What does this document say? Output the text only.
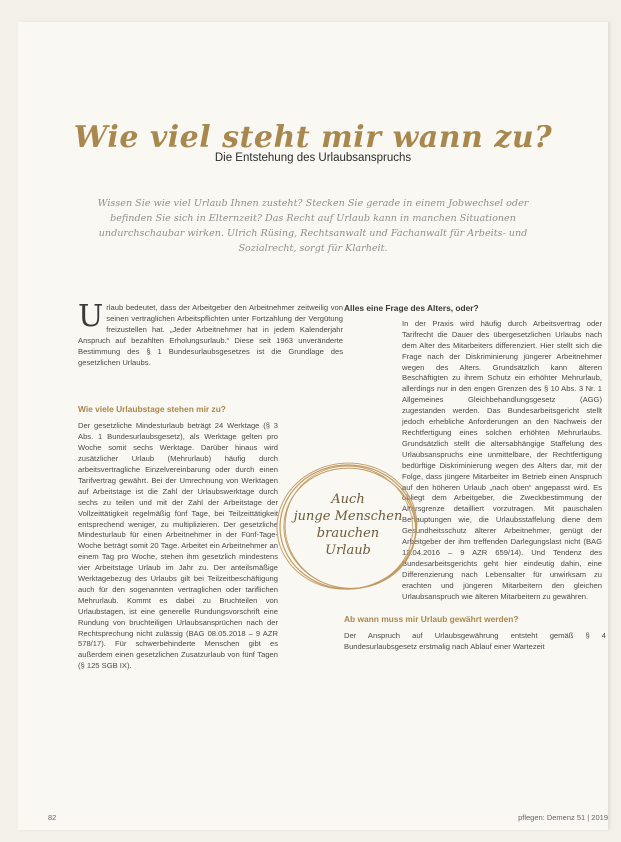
Wie viel steht mir wann zu?
Die Entstehung des Urlaubsanspruchs
Wissen Sie wie viel Urlaub Ihnen zusteht? Stecken Sie gerade in einem Jobwechsel oder befinden Sie sich in Elternzeit? Das Recht auf Urlaub kann in manchen Situationen undurchschaubar wirken. Ulrich Rüsing, Rechtsanwalt und Fachanwalt für Arbeits- und Sozialrecht, sorgt für Klarheit.

Urlaub bedeutet, dass der Arbeitgeber den Arbeitnehmer zeitweilig von seinen vertraglichen Arbeitspflichten unter Fortzahlung der Vergütung freizustellen hat. „Jeder Arbeitnehmer hat in jedem Kalenderjahr Anspruch auf bezahlten Erholungsurlaub.“ Diese seit 1963 unveränderte Bestimmung des § 1 Bundesurlaubsgesetzes ist die Grundlage des gesetzlichen Urlaubs.

Wie viele Urlaubstage stehen mir zu?

Der gesetzliche Mindesturlaub beträgt 24 Werktage (§ 3 Abs. 1 Bundesurlaubsgesetz), als Werktage gelten pro Woche somit sechs Werktage. Darüber hinaus wird zusätzlicher Urlaub (Mehrurlaub) häufig durch arbeitsvertragliche Einzelvereinbarung oder durch einen Tarifvertrag gewährt. Bei der Umrechnung von Werktagen auf Arbeitstage ist die Zahl der Urlaubswerktage durch sechs zu teilen und mit der Zahl der Arbeitstage der Vollzeittätigkeit regelmäßig fünf Tage, bei Teilzeittätigkeit entsprechend weniger, zu multiplizieren. Der gesetzliche Mindesturlaub für einen Arbeitnehmer in der Fünf-Tage-Woche beträgt somit 20 Tage. Arbeitet ein Arbeitnehmer an einem Tag pro Woche, stehen ihm gesetzlich mindestens vier Arbeitstage Urlaub im Jahr zu. Der anteilsmäßige Werktagebezug des Urlaubs gilt bei Teilzeitbeschäftigung auch für den sogenannten vertraglichen oder tariflichen Mehrurlaub. Kommt es dabei zu Bruchteilen von Urlaubstagen, ist eine generelle Rundungsvorschrift eine Rundung von bruchteiligen Urlaubsansprüchen nach der Rechtsprechung nicht zulässig (BAG 08.05.2018 – 9 AZR 578/17). Für schwerbehinderte Menschen gibt es außerdem einen gesetzlichen Zusatzurlaub von fünf Tagen (§ 125 SGB IX).

Alles eine Frage des Alters, oder?

In der Praxis wird häufig durch Arbeitsvertrag oder Tarifrecht die Dauer des übergesetzlichen Urlaubs nach dem Alter des Mitarbeiters differenziert. Hier stellt sich die Frage nach der Diskriminierung jüngerer Arbeitnehmer wegen des Alters. Grundsätzlich kann älteren Beschäftigten zu ihrem Schutz ein erhöhter Mehrurlaub, allerdings nur in den engen Grenzen des § 10 Abs. 3 Nr. 1 Allgemeines Gleichbehandlungsgesetz (AGG) zugestanden werden. Das Bundesarbeitsgericht stellt jedoch erhebliche Anforderungen an den Nachweis der Rechtfertigung eines solchen erhöhten Mehrurlaubs. Grundsätzlich stellt die altersabhängige Staffelung des Urlaubsanspruchs eine unmittelbare, der Rechtfertigung bedürftige Diskriminierung wegen des Alters dar, mit der Folge, dass jüngere Mitarbeiter im Betrieb einen Anspruch auf den höheren Urlaub „nach oben“ angepasst wird. Es obliegt dem Arbeitgeber, die Zweckbestimmung der Altersgrenze detailliert vorzutragen. Mit pauschalen Behauptungen wie, die Urlaubsstaffelung diene dem Gesundheitsschutz älterer Arbeitnehmer, genügt der Arbeitgeber der ihm treffenden Darlegungslast nicht (BAG 12.04.2016 – 9 AZR 659/14). Und Tendenz des Bundesarbeitsgerichts geht hier eindeutig dahin, eine Differenzierung nach Lebensalter für unwirksam zu erachten und jüngeren Mitarbeitern den gleichen Urlaubsanspruch wie älteren Mitarbeitern zu gewähren.

Ab wann muss mir Urlaub gewährt werden?

Der Anspruch auf Urlaubsgewährung entsteht gemäß § 4 Bundesurlaubsgesetz erstmalig nach Ablauf einer Wartezeit

Auch
junge Menschen
brauchen
Urlaub
82	pflegen: Demenz 51 | 2019
